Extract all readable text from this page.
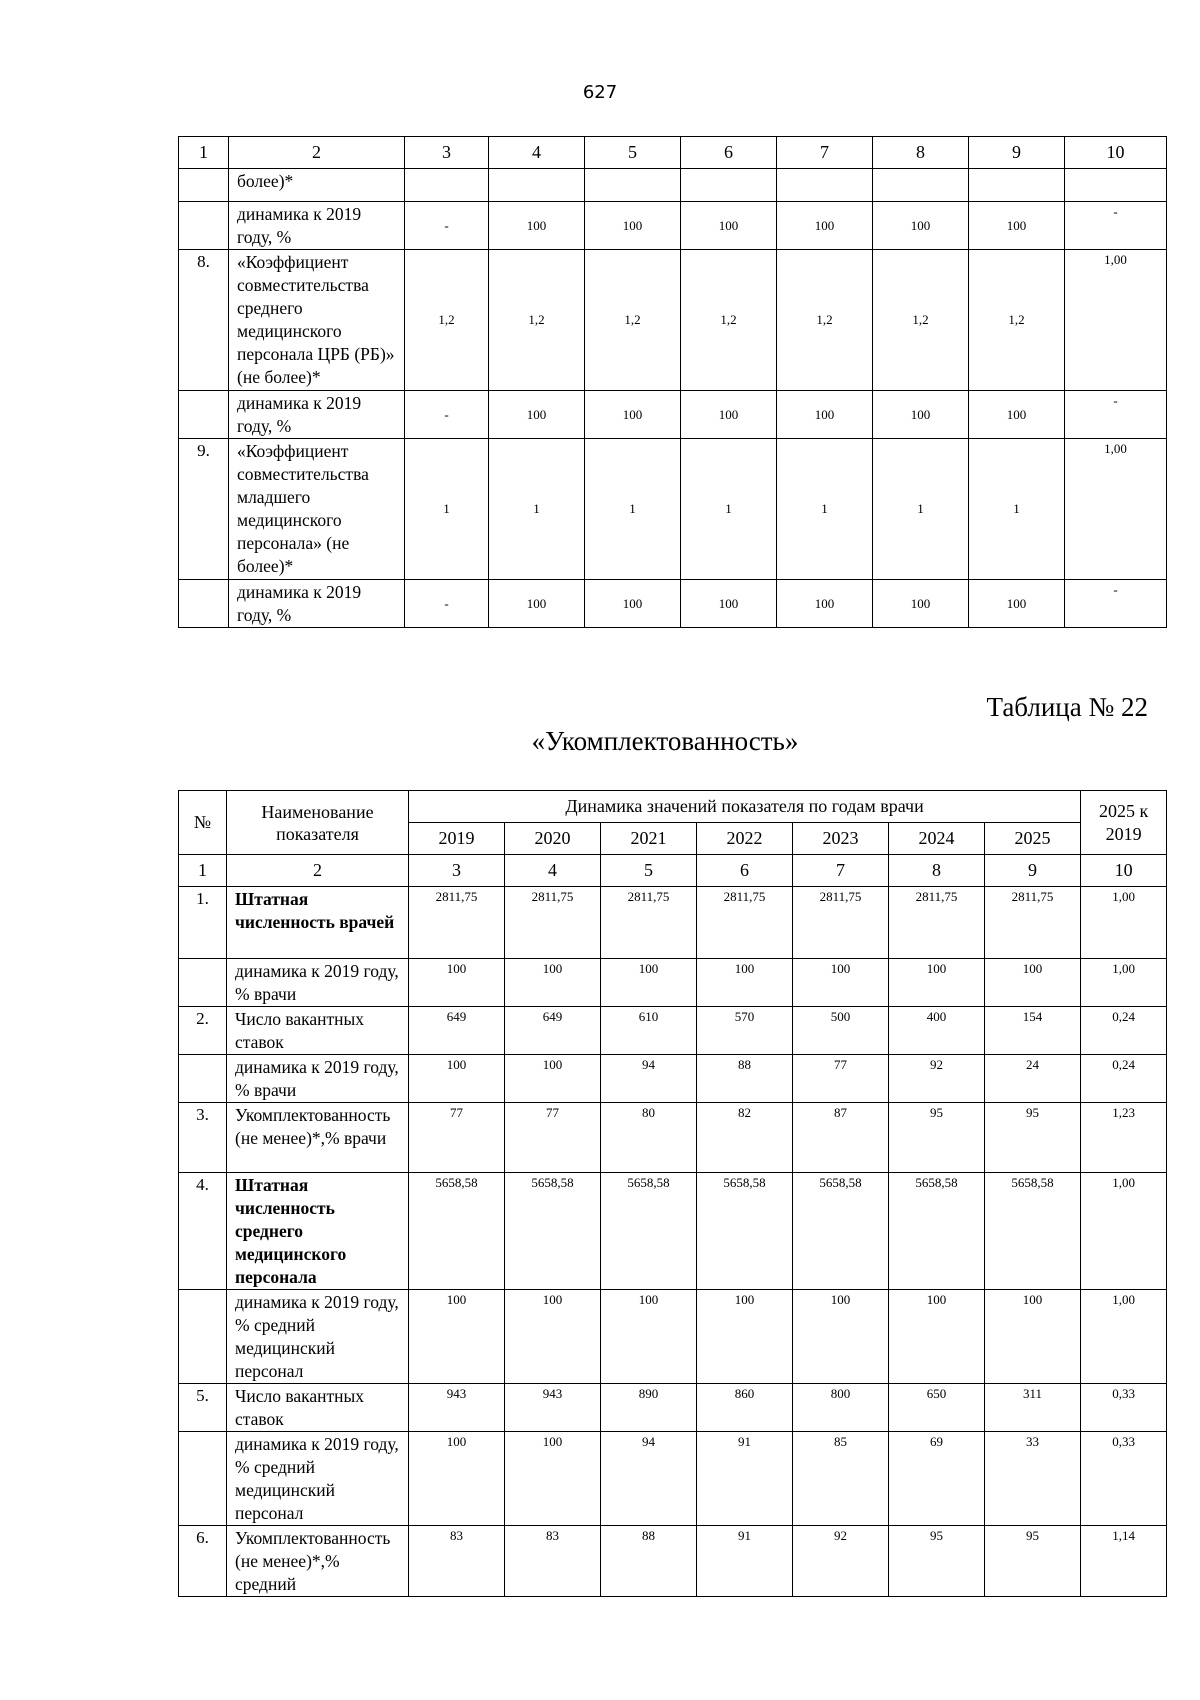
627
1	2	3	4	5	6	7	8	9	10
	более)*								
	динамика к 2019 году, %	-	100	100	100	100	100	100	-
8.	«Коэффициент совместительства среднего медицинского персонала ЦРБ (РБ)» (не более)*	1,2	1,2	1,2	1,2	1,2	1,2	1,2	1,00
	динамика к 2019 году, %	-	100	100	100	100	100	100	-
9.	«Коэффициент совместительства младшего медицинского персонала» (не более)*	1	1	1	1	1	1	1	1,00
	динамика к 2019 году, %	-	100	100	100	100	100	100	-
Таблица № 22
«Укомплектованность»
№	Наименование показателя	Динамика значений показателя по годам врачи							2025 к 2019
		2019	2020	2021	2022	2023	2024	2025	
1	2	3	4	5	6	7	8	9	10
1.	Штатная численность врачей	2811,75	2811,75	2811,75	2811,75	2811,75	2811,75	2811,75	1,00
	динамика к 2019 году, % врачи	100	100	100	100	100	100	100	1,00
2.	Число вакантных ставок	649	649	610	570	500	400	154	0,24
	динамика к 2019 году, % врачи	100	100	94	88	77	92	24	0,24
3.	Укомплектованность (не менее)*,% врачи	77	77	80	82	87	95	95	1,23
4.	Штатная численность среднего медицинского персонала	5658,58	5658,58	5658,58	5658,58	5658,58	5658,58	5658,58	1,00
	динамика к 2019 году, % средний медицинский персонал	100	100	100	100	100	100	100	1,00
5.	Число вакантных ставок	943	943	890	860	800	650	311	0,33
	динамика к 2019 году, % средний медицинский персонал	100	100	94	91	85	69	33	0,33
6.	Укомплектованность (не менее)*,% средний	83	83	88	91	92	95	95	1,14
